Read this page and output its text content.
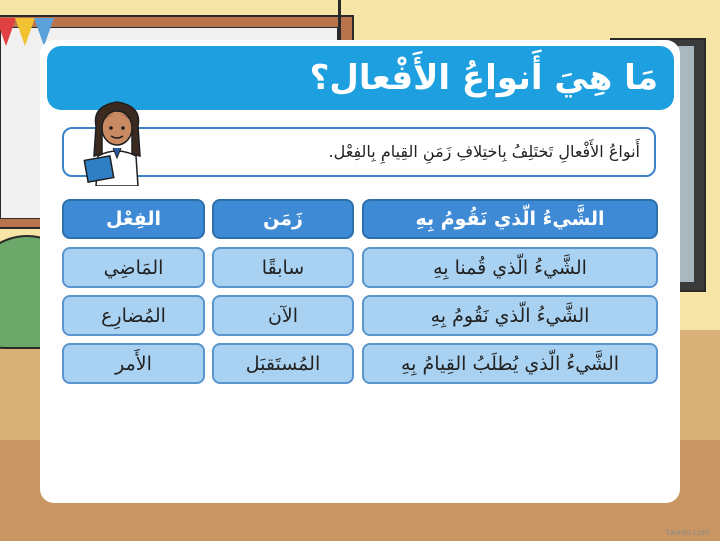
مَا هِيَ أَنواعُ الأَفْعال؟
أَنواعُ الأَفْعالِ تَختَلِفُ بِاختِلافِ زَمَنِ القِيامِ بِالفِعْل.
الشَّيءُ الّذي نَقُومُ بِهِ
زَمَن
الفِعْل
الشَّيءُ الّذي قُمنا بِهِ
سابقًا
المَاضِي
الشَّيءُ الّذي نَقُومُ بِهِ
الآن
المُضارِع
الشَّيءُ الّذي يُطلَبُ القِيامُ بِهِ
المُستَقبَل
الأَمر
twinkl.com
